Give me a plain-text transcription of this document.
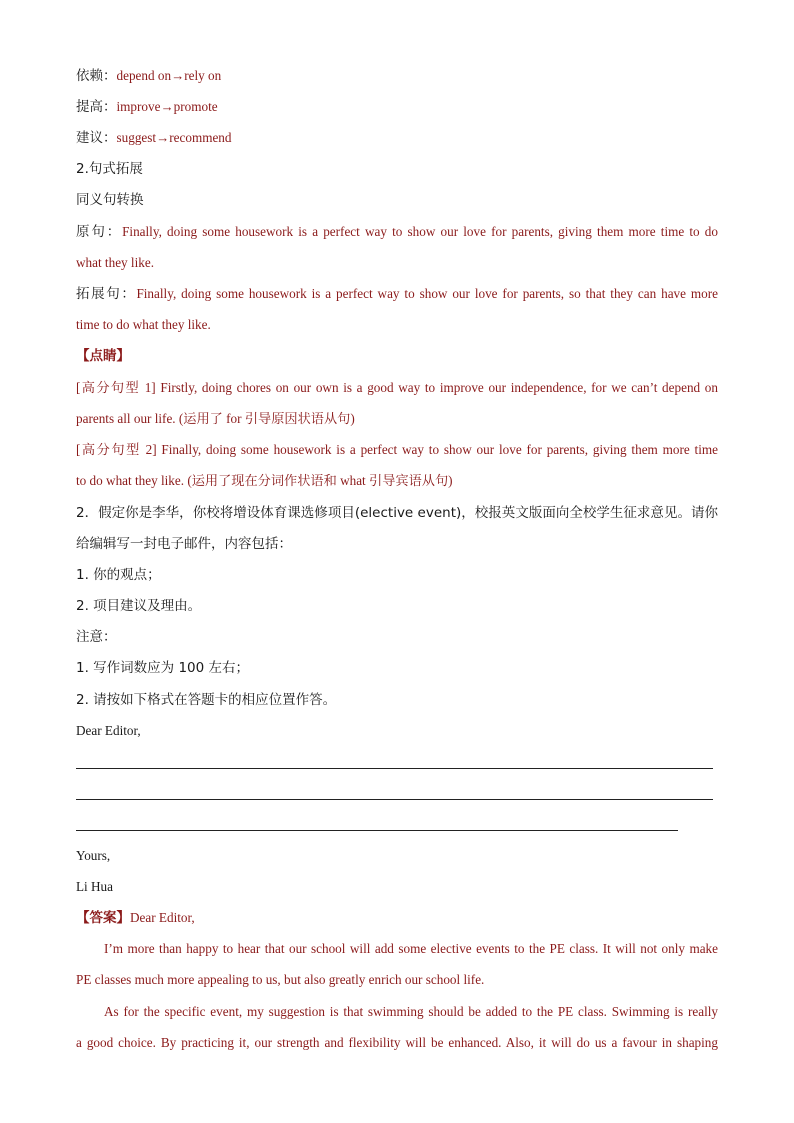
依赖：depend on→rely on
提高：improve→promote
建议：suggest→recommend
2.句式拓展
同义句转换
原句：Finally, doing some housework is a perfect way to show our love for parents, giving them more time to do
what they like.
拓展句：Finally, doing some housework is a perfect way to show our love for parents, so that they can have more
time to do what they like.
【点睛】
[高分句型 1] Firstly, doing chores on our own is a good way to improve our independence, for we can’t depend on
parents all our life. (运用了 for 引导原因状语从句)
[高分句型 2] Finally, doing some housework is a perfect way to show our love for parents, giving them more time
to do what they like. (运用了现在分词作状语和 what 引导宾语从句)
2．假定你是李华，你校将增设体育课选修项目(elective event)，校报英文版面向全校学生征求意见。请你
给编辑写一封电子邮件，内容包括：
1. 你的观点；
2. 项目建议及理由。
注意：
1. 写作词数应为 100 左右；
2. 请按如下格式在答题卡的相应位置作答。
Dear Editor,
Yours,
Li Hua
【答案】Dear Editor,
I’m more than happy to hear that our school will add some elective events to the PE class. It will not only make
PE classes much more appealing to us, but also greatly enrich our school life.
As for the specific event, my suggestion is that swimming should be added to the PE class. Swimming is really
a good choice. By practicing it, our strength and flexibility will be enhanced. Also, it will do us a favour in shaping
